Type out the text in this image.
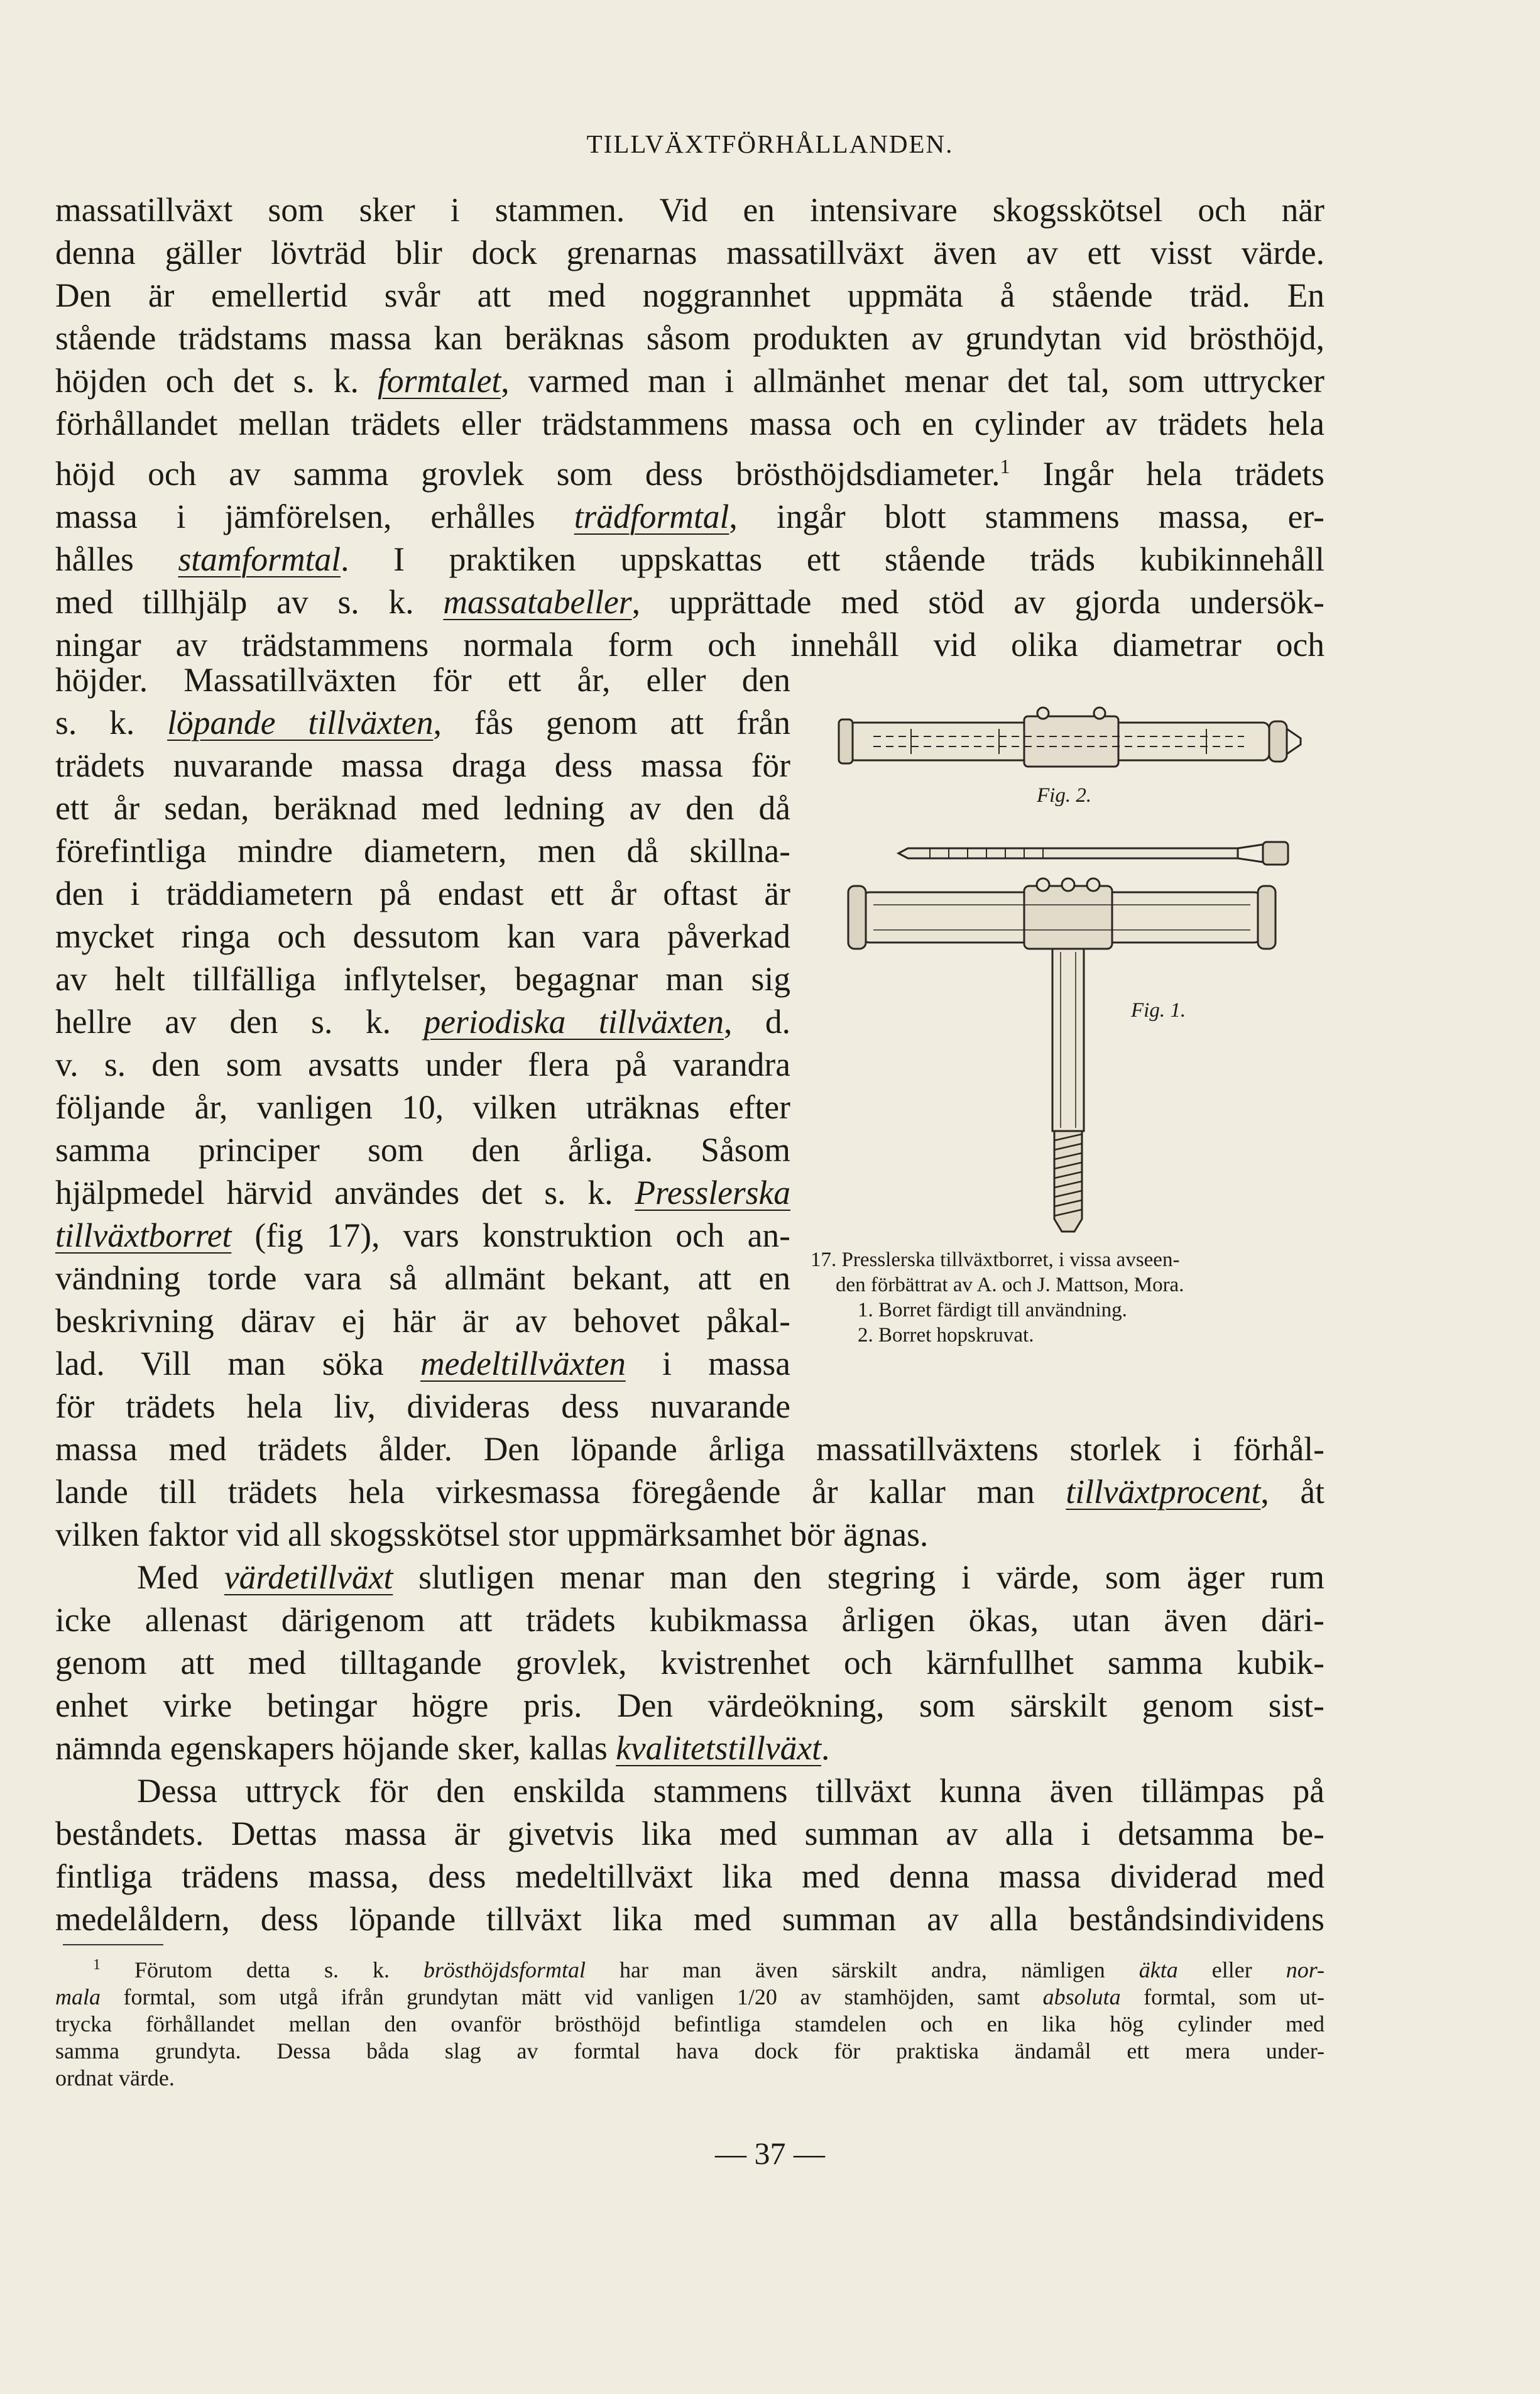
TILLVÄXTFÖRHÅLLANDEN.
massatillväxt som sker i stammen. Vid en intensivare skogsskötsel och när
denna gäller lövträd blir dock grenarnas massatillväxt även av ett visst värde.
Den är emellertid svår att med noggrannhet uppmäta å stående träd. En
stående trädstams massa kan beräknas såsom produkten av grundytan vid brösthöjd,
höjden och det s. k. formtalet, varmed man i allmänhet menar det tal, som uttrycker
förhållandet mellan trädets eller trädstammens massa och en cylinder av trädets hela
höjd och av samma grovlek som dess brösthöjdsdiameter.$^1$ Ingår hela trädets
massa i jämförelsen, erhålles trädformtal, ingår blott stammens massa, er-
hålles stamformtal. I praktiken uppskattas ett stående träds kubikinnehåll
med tillhjälp av s. k. massatabeller, upprättade med stöd av gjorda undersök-
ningar av trädstammens normala form och innehåll vid olika diametrar och
höjder. Massatillväxten för ett år, eller den
s. k. löpande tillväxten, fås genom att från
trädets nuvarande massa draga dess massa för
ett år sedan, beräknad med ledning av den då
förefintliga mindre diametern, men då skillna-
den i träddiametern på endast ett år oftast är
mycket ringa och dessutom kan vara påverkad
av helt tillfälliga inflytelser, begagnar man sig
hellre av den s. k. periodiska tillväxten, d.
v. s. den som avsatts under flera på varandra
följande år, vanligen 10, vilken uträknas efter
samma principer som den årliga. Såsom
hjälpmedel härvid användes det s. k. Presslerska
tillväxtborret (fig 17), vars konstruktion och an-
vändning torde vara så allmänt bekant, att en
beskrivning därav ej här är av behovet påkal-
lad. Vill man söka medeltillväxten i massa
för trädets hela liv, divideras dess nuvarande
Fig. 2.
Fig. 1.
17. Presslerska tillväxtborret, i vissa avseen-
den förbättrat av A. och J. Mattson, Mora.
1. Borret färdigt till användning.
2. Borret hopskruvat.
massa med trädets ålder. Den löpande årliga massatillväxtens storlek i förhål-
lande till trädets hela virkesmassa föregående år kallar man tillväxtprocent, åt
vilken faktor vid all skogsskötsel stor uppmärksamhet bör ägnas.
Med värdetillväxt slutligen menar man den stegring i värde, som äger rum
icke allenast därigenom att trädets kubikmassa årligen ökas, utan även däri-
genom att med tilltagande grovlek, kvistrenhet och kärnfullhet samma kubik-
enhet virke betingar högre pris. Den värdeökning, som särskilt genom sist-
nämnda egenskapers höjande sker, kallas kvalitetstillväxt.
Dessa uttryck för den enskilda stammens tillväxt kunna även tillämpas på
beståndets. Dettas massa är givetvis lika med summan av alla i detsamma be-
fintliga trädens massa, dess medeltillväxt lika med denna massa dividerad med
medelåldern, dess löpande tillväxt lika med summan av alla beståndsindividens
$^1$ Förutom detta s. k. brösthöjdsformtal har man även särskilt andra, nämligen äkta eller nor-
mala formtal, som utgå ifrån grundytan mätt vid vanligen 1/20 av stamhöjden, samt absoluta formtal, som ut-
trycka förhållandet mellan den ovanför brösthöjd befintliga stamdelen och en lika hög cylinder med
samma grundyta. Dessa båda slag av formtal hava dock för praktiska ändamål ett mera under-
ordnat värde.
— 37 —
